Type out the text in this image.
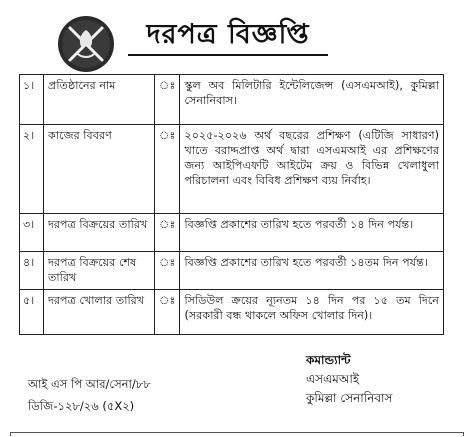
দরপত্র বিজ্ঞপ্তি
১।	প্রতিষ্ঠানের নাম	ঃ	স্কুল অব মিলিটারি ইন্টেলিজেন্স (এসএমআই), কুমিল্লা সেনানিবাস।
২।	কাজের বিবরণ	ঃ	২০২৫-২০২৬ অর্থ বছরের প্রশিক্ষণ (এটিজি সাধারণ) খাতে বরাদ্দপ্রাপ্ত অর্থ দ্বারা এসএমআই এর প্রশিক্ষণের জন্য আইপিএফটি আইটেম ক্রয় ও বিভিন্ন খেলাধুলা পরিচালনা এবং বিবিধ প্রশিক্ষণ ব্যয় নির্বাহ।
৩।	দরপত্র বিক্রয়ের তারিখ	ঃ	বিজ্ঞপ্তি প্রকাশের তারিখ হতে পরবর্তী ১৪ দিন পর্যন্ত।
৪।	দরপত্র বিক্রয়ের শেষ তারিখ	ঃ	বিজ্ঞপ্তি প্রকাশের তারিখ হতে পরবর্তী ১৪তম দিন পর্যন্ত।
৫।	দরপত্র খোলার তারিখ	ঃ	সিডিউল ক্রয়ের ন্যূনতম ১৪ দিন পর ১৫ তম দিনে (সরকারী বন্ধ থাকলে অফিস খোলার দিন)।
আই এস পি আর/সেনা/৮৮
ডিজি-১২৮/২৬ (৫X২)
কমান্ড্যান্ট
এসএমআই
কুমিল্লা সেনানিবাস
